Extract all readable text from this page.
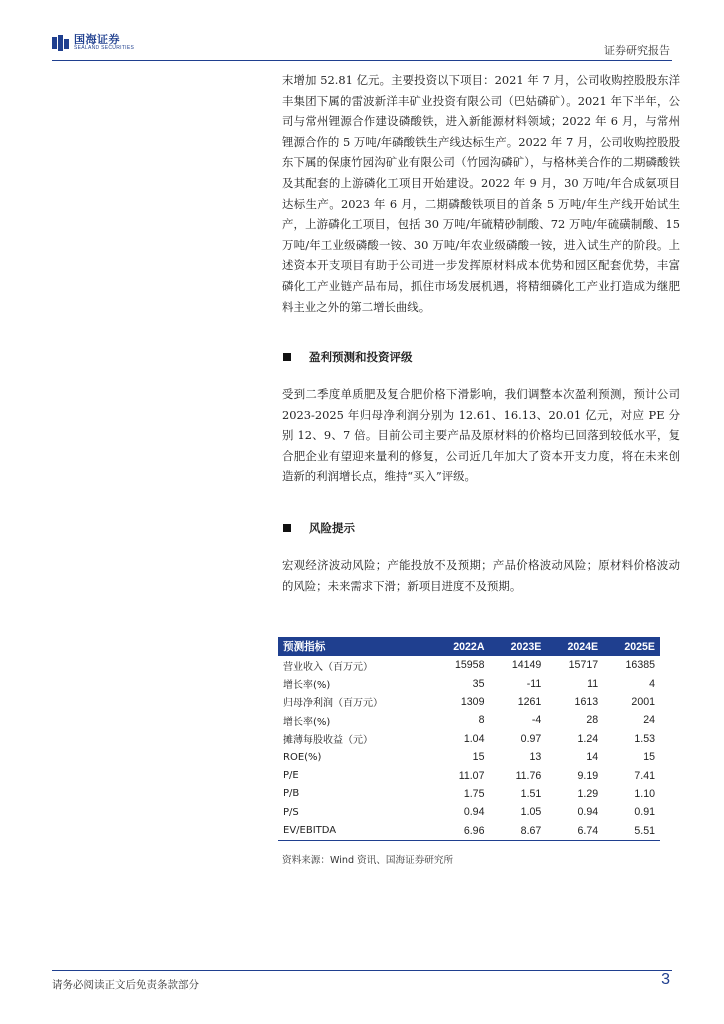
国海证券
SEALAND SECURITIES	证券研究报告
末增加 52.81 亿元。主要投资以下项目：2021 年 7 月，公司收购控股股东洋丰集团下属的雷波新洋丰矿业投资有限公司（巴姑磷矿）。2021 年下半年，公司与常州锂源合作建设磷酸铁，进入新能源材料领域；2022 年 6 月，与常州锂源合作的 5 万吨/年磷酸铁生产线达标生产。2022 年 7 月，公司收购控股股东下属的保康竹园沟矿业有限公司（竹园沟磷矿），与格林美合作的二期磷酸铁及其配套的上游磷化工项目开始建设。2022 年 9 月，30 万吨/年合成氨项目达标生产。2023 年 6 月，二期磷酸铁项目的首条 5 万吨/年生产线开始试生产，上游磷化工项目，包括 30 万吨/年硫精砂制酸、72 万吨/年硫磺制酸、15 万吨/年工业级磷酸一铵、30 万吨/年农业级磷酸一铵，进入试生产的阶段。上述资本开支项目有助于公司进一步发挥原材料成本优势和园区配套优势，丰富磷化工产业链产品布局，抓住市场发展机遇，将精细磷化工产业打造成为继肥料主业之外的第二增长曲线。
盈利预测和投资评级
受到二季度单质肥及复合肥价格下滑影响，我们调整本次盈利预测，预计公司 2023-2025 年归母净利润分别为 12.61、16.13、20.01 亿元，对应 PE 分别 12、9、7 倍。目前公司主要产品及原材料的价格均已回落到较低水平，复合肥企业有望迎来量利的修复，公司近几年加大了资本开支力度，将在未来创造新的利润增长点，维持“买入”评级。
风险提示
宏观经济波动风险；产能投放不及预期；产品价格波动风险；原材料价格波动的风险；未来需求下滑；新项目进度不及预期。
预测指标	2022A	2023E	2024E	2025E
营业收入（百万元）	15958	14149	15717	16385
增长率(%)	35	-11	11	4
归母净利润（百万元）	1309	1261	1613	2001
增长率(%)	8	-4	28	24
摊薄每股收益（元）	1.04	0.97	1.24	1.53
ROE(%)	15	13	14	15
P/E	11.07	11.76	9.19	7.41
P/B	1.75	1.51	1.29	1.10
P/S	0.94	1.05	0.94	0.91
EV/EBITDA	6.96	8.67	6.74	5.51
资料来源：Wind 资讯、国海证券研究所
请务必阅读正文后免责条款部分	3
